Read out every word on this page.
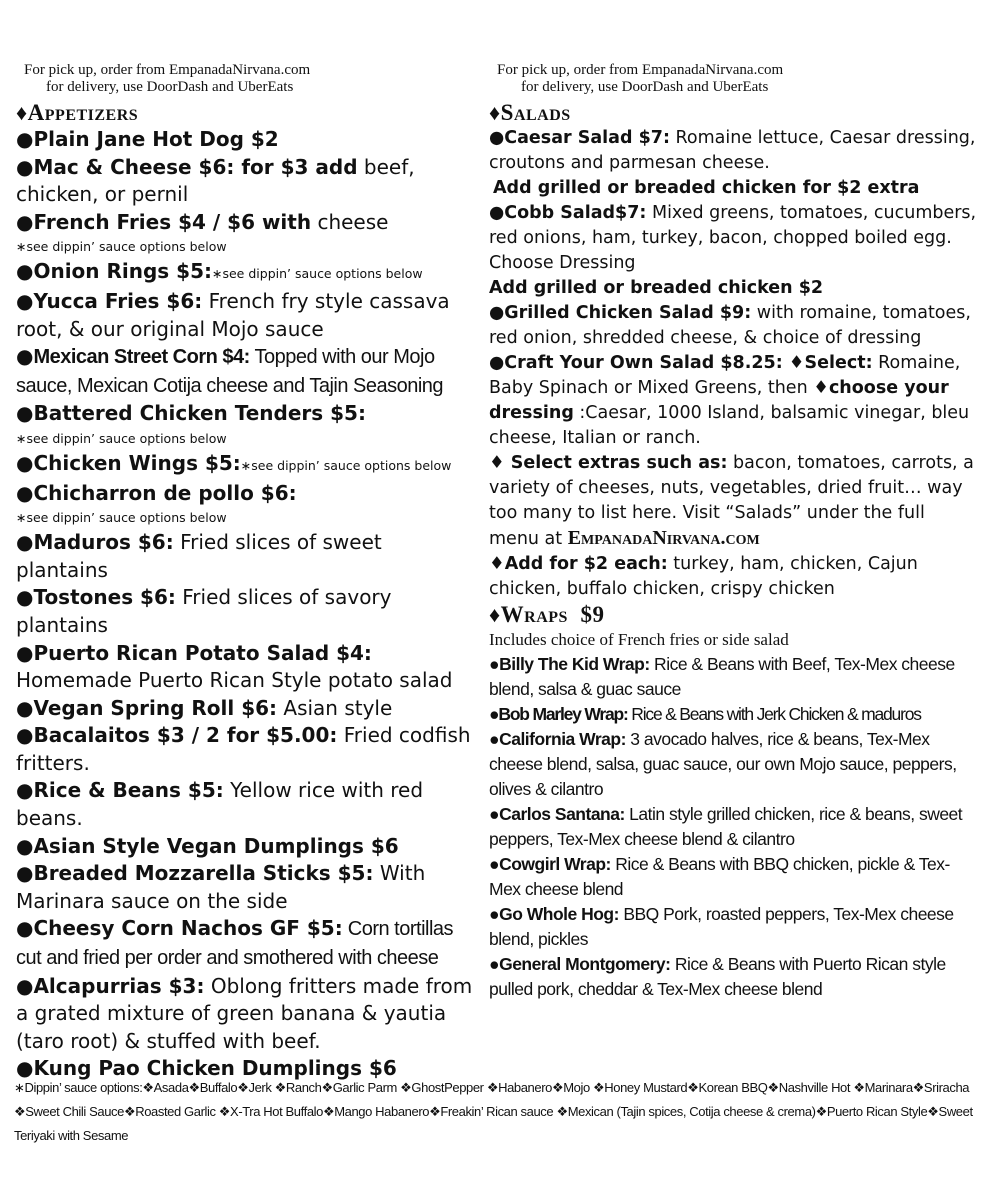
For pick up, order from EmpanadaNirvana.com
for delivery, use DoorDash and UberEats
♦Appetizers
●Plain Jane Hot Dog $2
●Mac & Cheese $6: for $3 add beef, chicken, or pernil
●French Fries $4 / $6 with cheese
∗see dippin’ sauce options below
●Onion Rings $5:∗see dippin’ sauce options below
●Yucca Fries $6: French fry style cassava root, & our original Mojo sauce
●Mexican Street Corn $4: Topped with our Mojo sauce, Mexican Cotija cheese and Tajin Seasoning
●Battered Chicken Tenders $5:
∗see dippin’ sauce options below
●Chicken Wings $5:∗see dippin’ sauce options below
●Chicharron de pollo $6:
∗see dippin’ sauce options below
●Maduros $6: Fried slices of sweet plantains
●Tostones $6: Fried slices of savory plantains
●Puerto Rican Potato Salad $4: Homemade Puerto Rican Style potato salad
●Vegan Spring Roll $6: Asian style
●Bacalaitos $3 / 2 for $5.00: Fried codfish fritters.
●Rice & Beans $5: Yellow rice with red beans.
●Asian Style Vegan Dumplings $6
●Breaded Mozzarella Sticks $5: With Marinara sauce on the side
●Cheesy Corn Nachos GF $5: Corn tortillas cut and fried per order and smothered with cheese
●Alcapurrias $3: Oblong fritters made from a grated mixture of green banana & yautia (taro root) & stuffed with beef.
●Kung Pao Chicken Dumplings $6
For pick up, order from EmpanadaNirvana.com
for delivery, use DoorDash and UberEats
♦Salads
●Caesar Salad $7: Romaine lettuce, Caesar dressing, croutons and parmesan cheese.
Add grilled or breaded chicken for $2 extra
●Cobb Salad$7: Mixed greens, tomatoes, cucumbers, red onions, ham, turkey, bacon, chopped boiled egg. Choose Dressing
Add grilled or breaded chicken $2
●Grilled Chicken Salad $9: with romaine, tomatoes, red onion, shredded cheese, & choice of dressing
●Craft Your Own Salad $8.25: ♦Select: Romaine, Baby Spinach or Mixed Greens, then ♦choose your dressing :Caesar, 1000 Island, balsamic vinegar, bleu cheese, Italian or ranch.
♦ Select extras such as: bacon, tomatoes, carrots, a variety of cheeses, nuts, vegetables, dried fruit… way too many to list here. Visit “Salads” under the full menu at EmpanadaNirvana.com
♦Add for $2 each: turkey, ham, chicken, Cajun chicken, buffalo chicken, crispy chicken
♦Wraps  $9
Includes choice of French fries or side salad
●Billy The Kid Wrap: Rice & Beans with Beef, Tex-Mex cheese blend, salsa & guac sauce
●Bob Marley Wrap: Rice & Beans with Jerk Chicken & maduros
●California Wrap: 3 avocado halves, rice & beans, Tex-Mex cheese blend, salsa, guac sauce, our own Mojo sauce, peppers, olives & cilantro
●Carlos Santana: Latin style grilled chicken, rice & beans, sweet peppers, Tex-Mex cheese blend & cilantro
●Cowgirl Wrap: Rice & Beans with BBQ chicken, pickle & Tex-Mex cheese blend
●Go Whole Hog: BBQ Pork, roasted peppers, Tex-Mex cheese blend, pickles
●General Montgomery: Rice & Beans with Puerto Rican style pulled pork, cheddar & Tex-Mex cheese blend
∗Dippin’ sauce options:❖Asada❖Buffalo❖Jerk ❖Ranch❖Garlic Parm ❖GhostPepper ❖Habanero❖Mojo ❖Honey Mustard❖Korean BBQ❖Nashville Hot ❖Marinara❖Sriracha ❖Sweet Chili Sauce❖Roasted Garlic ❖X-Tra Hot Buffalo❖Mango Habanero❖Freakin’ Rican sauce ❖Mexican (Tajin spices, Cotija cheese & crema)❖Puerto Rican Style❖Sweet Teriyaki with Sesame
